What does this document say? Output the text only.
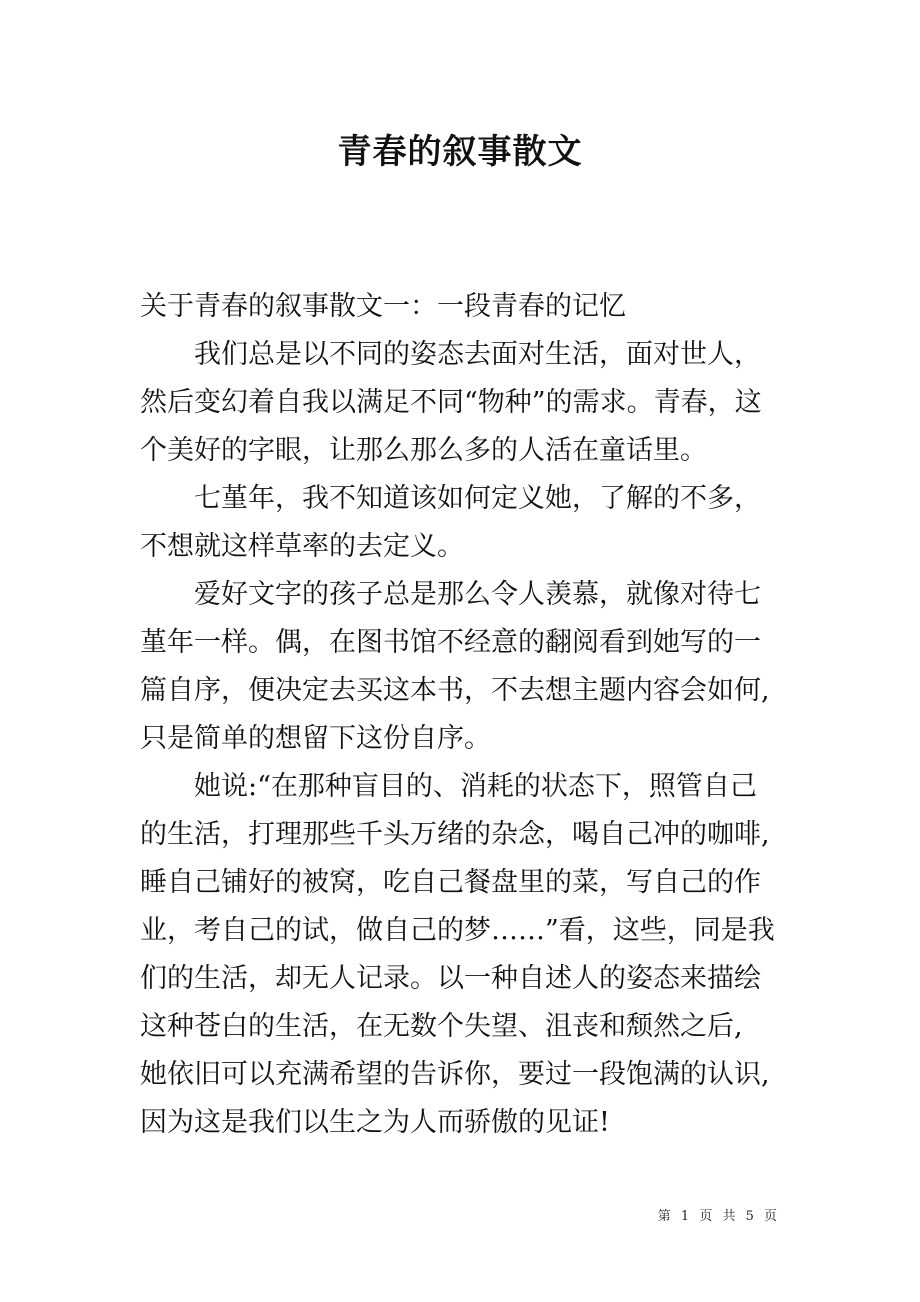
青春的叙事散文
关于青春的叙事散文一：一段青春的记忆
我们总是以不同的姿态去面对生活，面对世人，
然后变幻着自我以满足不同“物种”的需求。青春，这
个美好的字眼，让那么那么多的人活在童话里。
七堇年，我不知道该如何定义她，了解的不多，
不想就这样草率的去定义。
爱好文字的孩子总是那么令人羡慕，就像对待七
堇年一样。偶，在图书馆不经意的翻阅看到她写的一
篇自序，便决定去买这本书，不去想主题内容会如何,
只是简单的想留下这份自序。
她说:“在那种盲目的、消耗的状态下，照管自己
的生活，打理那些千头万绪的杂念，喝自己冲的咖啡,
睡自己铺好的被窝，吃自己餐盘里的菜，写自己的作
业，考自己的试，做自己的梦……”看，这些，同是我
们的生活，却无人记录。以一种自述人的姿态来描绘
这种苍白的生活，在无数个失望、沮丧和颓然之后,
她依旧可以充满希望的告诉你，要过一段饱满的认识,
因为这是我们以生之为人而骄傲的见证!
第 1 页 共 5 页
